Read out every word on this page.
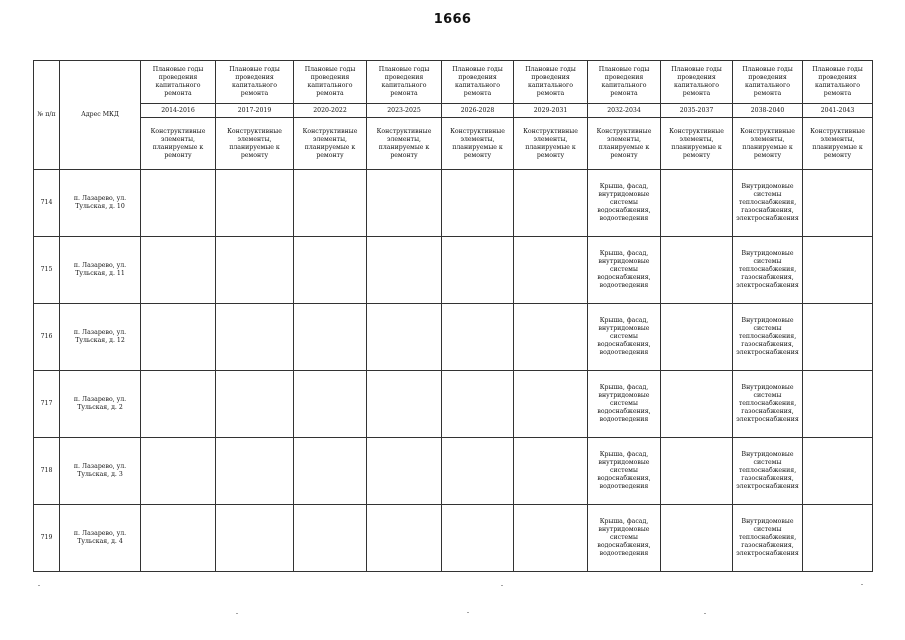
1666
№ п/п	Адрес МКД	Плановые годы проведения капитального ремонта	Плановые годы проведения капитального ремонта	Плановые годы проведения капитального ремонта	Плановые годы проведения капитального ремонта	Плановые годы проведения капитального ремонта	Плановые годы проведения капитального ремонта	Плановые годы проведения капитального ремонта	Плановые годы проведения капитального ремонта	Плановые годы проведения капитального ремонта	Плановые годы проведения капитального ремонта
		2014-2016	2017-2019	2020-2022	2023-2025	2026-2028	2029-2031	2032-2034	2035-2037	2038-2040	2041-2043
		Конструктивные элементы, планируемые к ремонту	Конструктивные элементы, планируемые к ремонту	Конструктивные элементы, планируемые к ремонту	Конструктивные элементы, планируемые к ремонту	Конструктивные элементы, планируемые к ремонту	Конструктивные элементы, планируемые к ремонту	Конструктивные элементы, планируемые к ремонту	Конструктивные элементы, планируемые к ремонту	Конструктивные элементы, планируемые к ремонту	Конструктивные элементы, планируемые к ремонту
714	п. Лазарево, ул. Тульская, д. 10							Крыша, фасад, внутридомовые системы водоснабжения, водоотведения		Внутридомовые системы теплоснабжения, газоснабжения, электроснабжения	
715	п. Лазарево, ул. Тульская, д. 11							Крыша, фасад, внутридомовые системы водоснабжения, водоотведения		Внутридомовые системы теплоснабжения, газоснабжения, электроснабжения	
716	п. Лазарево, ул. Тульская, д. 12							Крыша, фасад, внутридомовые системы водоснабжения, водоотведения		Внутридомовые системы теплоснабжения, газоснабжения, электроснабжения	
717	п. Лазарево, ул. Тульская, д. 2							Крыша, фасад, внутридомовые системы водоснабжения, водоотведения		Внутридомовые системы теплоснабжения, газоснабжения, электроснабжения	
718	п. Лазарево, ул. Тульская, д. 3							Крыша, фасад, внутридомовые системы водоснабжения, водоотведения		Внутридомовые системы теплоснабжения, газоснабжения, электроснабжения	
719	п. Лазарево, ул. Тульская, д. 4							Крыша, фасад, внутридомовые системы водоснабжения, водоотведения		Внутридомовые системы теплоснабжения, газоснабжения, электроснабжения	
